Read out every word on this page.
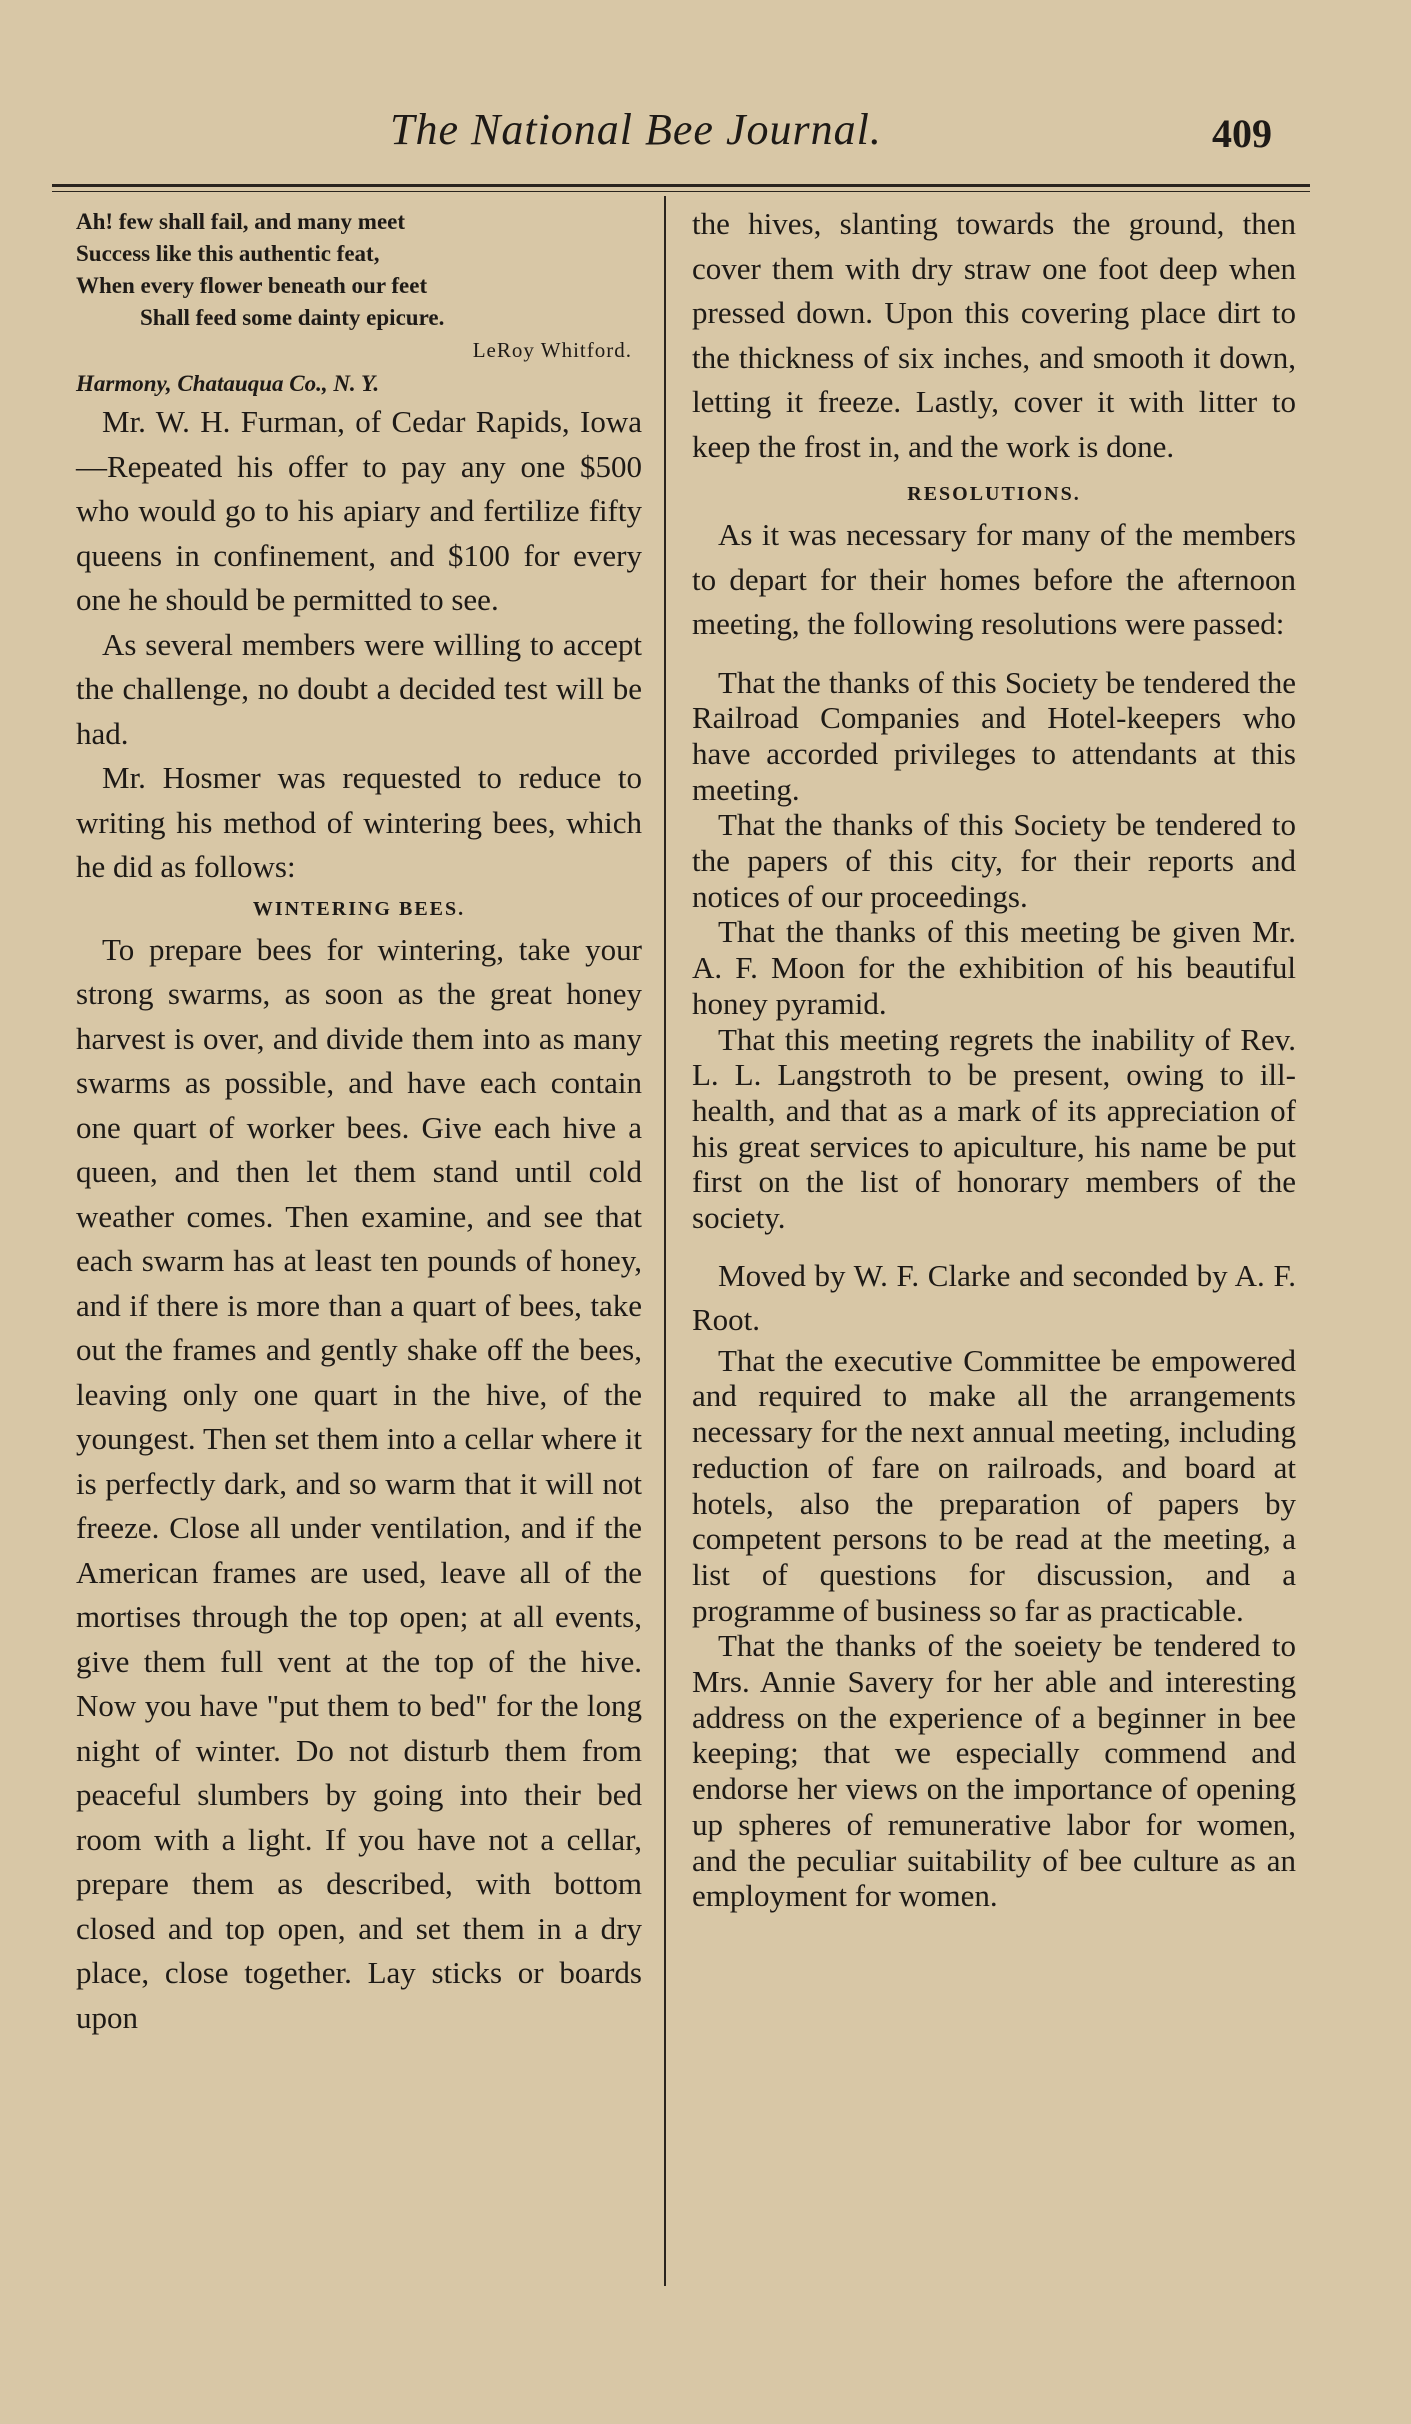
The National Bee Journal.	409

Ah! few shall fail, and many meet

Success like this authentic feat,

When every flower beneath our feet

Shall feed some dainty epicure.

LeRoy Whitford.

Harmony, Chatauqua Co., N. Y.

Mr. W. H. Furman, of Cedar Rapids, Iowa—Repeated his offer to pay any one $500 who would go to his apiary and fertilize fifty queens in confinement, and $100 for every one he should be permitted to see.

As several members were willing to accept the challenge, no doubt a decided test will be had.

Mr. Hosmer was requested to reduce to writing his method of wintering bees, which he did as follows:

WINTERING BEES.

To prepare bees for wintering, take your strong swarms, as soon as the great honey harvest is over, and divide them into as many swarms as possible, and have each contain one quart of worker bees. Give each hive a queen, and then let them stand until cold weather comes. Then examine, and see that each swarm has at least ten pounds of honey, and if there is more than a quart of bees, take out the frames and gently shake off the bees, leaving only one quart in the hive, of the youngest. Then set them into a cellar where it is perfectly dark, and so warm that it will not freeze. Close all under ventilation, and if the American frames are used, leave all of the mortises through the top open; at all events, give them full vent at the top of the hive. Now you have "put them to bed" for the long night of winter. Do not disturb them from peaceful slumbers by going into their bed room with a light. If you have not a cellar, prepare them as described, with bottom closed and top open, and set them in a dry place, close together. Lay sticks or boards upon

the hives, slanting towards the ground, then cover them with dry straw one foot deep when pressed down. Upon this covering place dirt to the thickness of six inches, and smooth it down, letting it freeze. Lastly, cover it with litter to keep the frost in, and the work is done.

RESOLUTIONS.

As it was necessary for many of the members to depart for their homes before the afternoon meeting, the following resolutions were passed:

That the thanks of this Society be tendered the Railroad Companies and Hotel-keepers who have accorded privileges to attendants at this meeting.

That the thanks of this Society be tendered to the papers of this city, for their reports and notices of our proceedings.

That the thanks of this meeting be given Mr. A. F. Moon for the exhibition of his beautiful honey pyramid.

That this meeting regrets the inability of Rev. L. L. Langstroth to be present, owing to ill-health, and that as a mark of its appreciation of his great services to apiculture, his name be put first on the list of honorary members of the society.

Moved by W. F. Clarke and seconded by A. F. Root.

That the executive Committee be empowered and required to make all the arrangements necessary for the next annual meeting, including reduction of fare on railroads, and board at hotels, also the preparation of papers by competent persons to be read at the meeting, a list of questions for discussion, and a programme of business so far as practicable.

That the thanks of the soeiety be tendered to Mrs. Annie Savery for her able and interesting address on the experience of a beginner in bee keeping; that we especially commend and endorse her views on the importance of opening up spheres of remunerative labor for women, and the peculiar suitability of bee culture as an employment for women.
